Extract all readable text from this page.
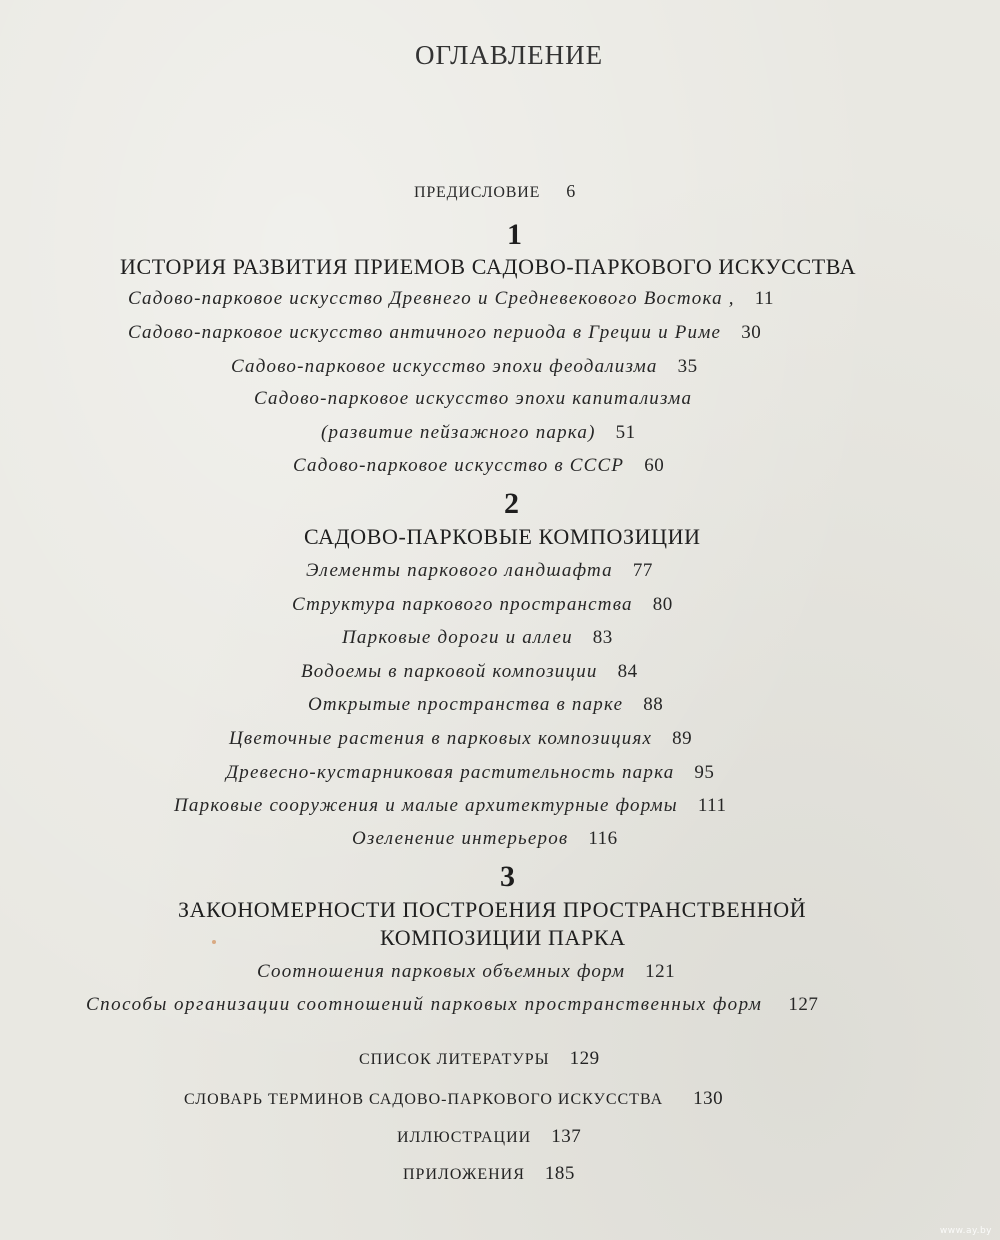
ОГЛАВЛЕНИЕ
ПРЕДИСЛОВИЕ 6
1
ИСТОРИЯ РАЗВИТИЯ ПРИЕМОВ САДОВО-ПАРКОВОГО ИСКУССТВА
Садово-парковое искусство Древнего и Средневекового Востока , 11
Садово-парковое искусство античного периода в Греции и Риме 30
Садово-парковое искусство эпохи феодализма 35
Садово-парковое искусство эпохи капитализма
(развитие пейзажного парка) 51
Садово-парковое искусство в СССР 60
2
САДОВО-ПАРКОВЫЕ КОМПОЗИЦИИ
Элементы паркового ландшафта 77
Структура паркового пространства 80
Парковые дороги и аллеи 83
Водоемы в парковой композиции 84
Открытые пространства в парке 88
Цветочные растения в парковых композициях 89
Древесно-кустарниковая растительность парка 95
Парковые сооружения и малые архитектурные формы 111
Озеленение интерьеров 116
3
ЗАКОНОМЕРНОСТИ ПОСТРОЕНИЯ ПРОСТРАНСТВЕННОЙ
КОМПОЗИЦИИ ПАРКА
Соотношения парковых объемных форм 121
Способы организации соотношений парковых пространственных форм 127
СПИСОК ЛИТЕРАТУРЫ 129
СЛОВАРЬ ТЕРМИНОВ САДОВО-ПАРКОВОГО ИСКУССТВА 130
ИЛЛЮСТРАЦИИ 137
ПРИЛОЖЕНИЯ 185
www.ay.by
